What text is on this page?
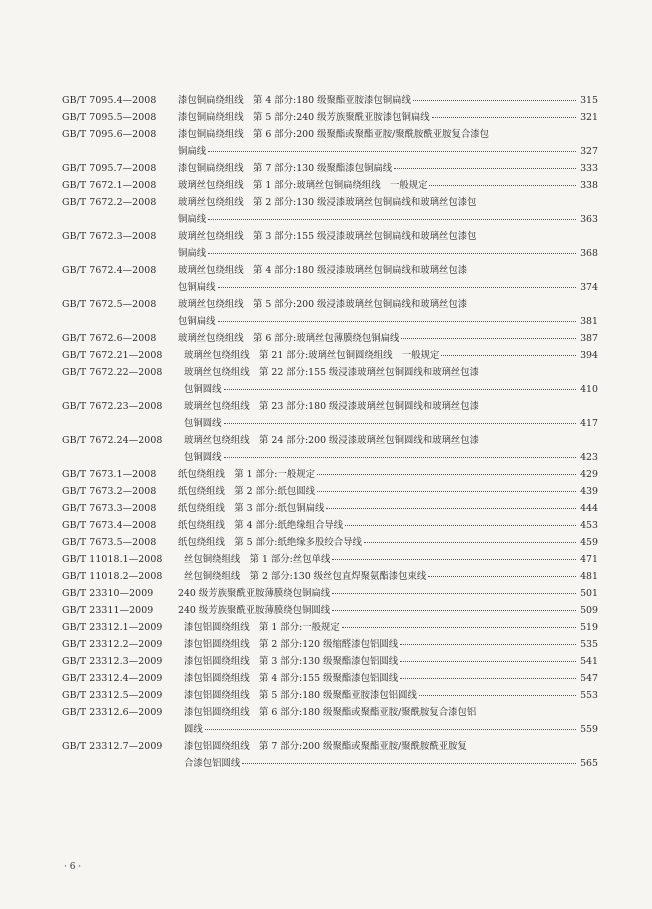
GB/T 7095.4—2008	漆包铜扁绕组线　第 4 部分:180 级聚酯亚胺漆包铜扁线	315
GB/T 7095.5—2008	漆包铜扁绕组线　第 5 部分:240 级芳族聚酰亚胺漆包铜扁线	321
GB/T 7095.6—2008	漆包铜扁绕组线　第 6 部分:200 级聚酯或聚酯亚胺/聚酰胺酰亚胺复合漆包
铜扁线	327
GB/T 7095.7—2008	漆包铜扁绕组线　第 7 部分:130 级聚酯漆包铜扁线	333
GB/T 7672.1—2008	玻璃丝包绕组线　第 1 部分:玻璃丝包铜扁绕组线　一般规定	338
GB/T 7672.2—2008	玻璃丝包绕组线　第 2 部分:130 级浸漆玻璃丝包铜扁线和玻璃丝包漆包
铜扁线	363
GB/T 7672.3—2008	玻璃丝包绕组线　第 3 部分:155 级浸漆玻璃丝包铜扁线和玻璃丝包漆包
铜扁线	368
GB/T 7672.4—2008	玻璃丝包绕组线　第 4 部分:180 级浸漆玻璃丝包铜扁线和玻璃丝包漆
包铜扁线	374
GB/T 7672.5—2008	玻璃丝包绕组线　第 5 部分:200 级浸漆玻璃丝包铜扁线和玻璃丝包漆
包铜扁线	381
GB/T 7672.6—2008	玻璃丝包绕组线　第 6 部分:玻璃丝包薄膜绕包铜扁线	387
GB/T 7672.21—2008	玻璃丝包绕组线　第 21 部分:玻璃丝包铜圆绕组线　一般规定	394
GB/T 7672.22—2008	玻璃丝包绕组线　第 22 部分:155 级浸漆玻璃丝包铜圆线和玻璃丝包漆
包铜圆线	410
GB/T 7672.23—2008	玻璃丝包绕组线　第 23 部分:180 级浸漆玻璃丝包铜圆线和玻璃丝包漆
包铜圆线	417
GB/T 7672.24—2008	玻璃丝包绕组线　第 24 部分:200 级浸漆玻璃丝包铜圆线和玻璃丝包漆
包铜圆线	423
GB/T 7673.1—2008	纸包绕组线　第 1 部分:一般规定	429
GB/T 7673.2—2008	纸包绕组线　第 2 部分:纸包圆线	439
GB/T 7673.3—2008	纸包绕组线　第 3 部分:纸包铜扁线	444
GB/T 7673.4—2008	纸包绕组线　第 4 部分:纸绝缘组合导线	453
GB/T 7673.5—2008	纸包绕组线　第 5 部分:纸绝缘多股绞合导线	459
GB/T 11018.1—2008	丝包铜绕组线　第 1 部分:丝包单线	471
GB/T 11018.2—2008	丝包铜绕组线　第 2 部分:130 级丝包直焊聚氨酯漆包束线	481
GB/T 23310—2009	240 级芳族聚酰亚胺薄膜绕包铜扁线	501
GB/T 23311—2009	240 级芳族聚酰亚胺薄膜绕包铜圆线	509
GB/T 23312.1—2009	漆包铝圆绕组线　第 1 部分:一般规定	519
GB/T 23312.2—2009	漆包铝圆绕组线　第 2 部分:120 级缩醛漆包铝圆线	535
GB/T 23312.3—2009	漆包铝圆绕组线　第 3 部分:130 级聚酯漆包铝圆线	541
GB/T 23312.4—2009	漆包铝圆绕组线　第 4 部分:155 级聚酯漆包铝圆线	547
GB/T 23312.5—2009	漆包铝圆绕组线　第 5 部分:180 级聚酯亚胺漆包铝圆线	553
GB/T 23312.6—2009	漆包铝圆绕组线　第 6 部分:180 级聚酯或聚酯亚胺/聚酰胺复合漆包铝
圆线	559
GB/T 23312.7—2009	漆包铝圆绕组线　第 7 部分:200 级聚酯或聚酯亚胺/聚酰胺酰亚胺复
合漆包铝圆线	565
· 6 ·
